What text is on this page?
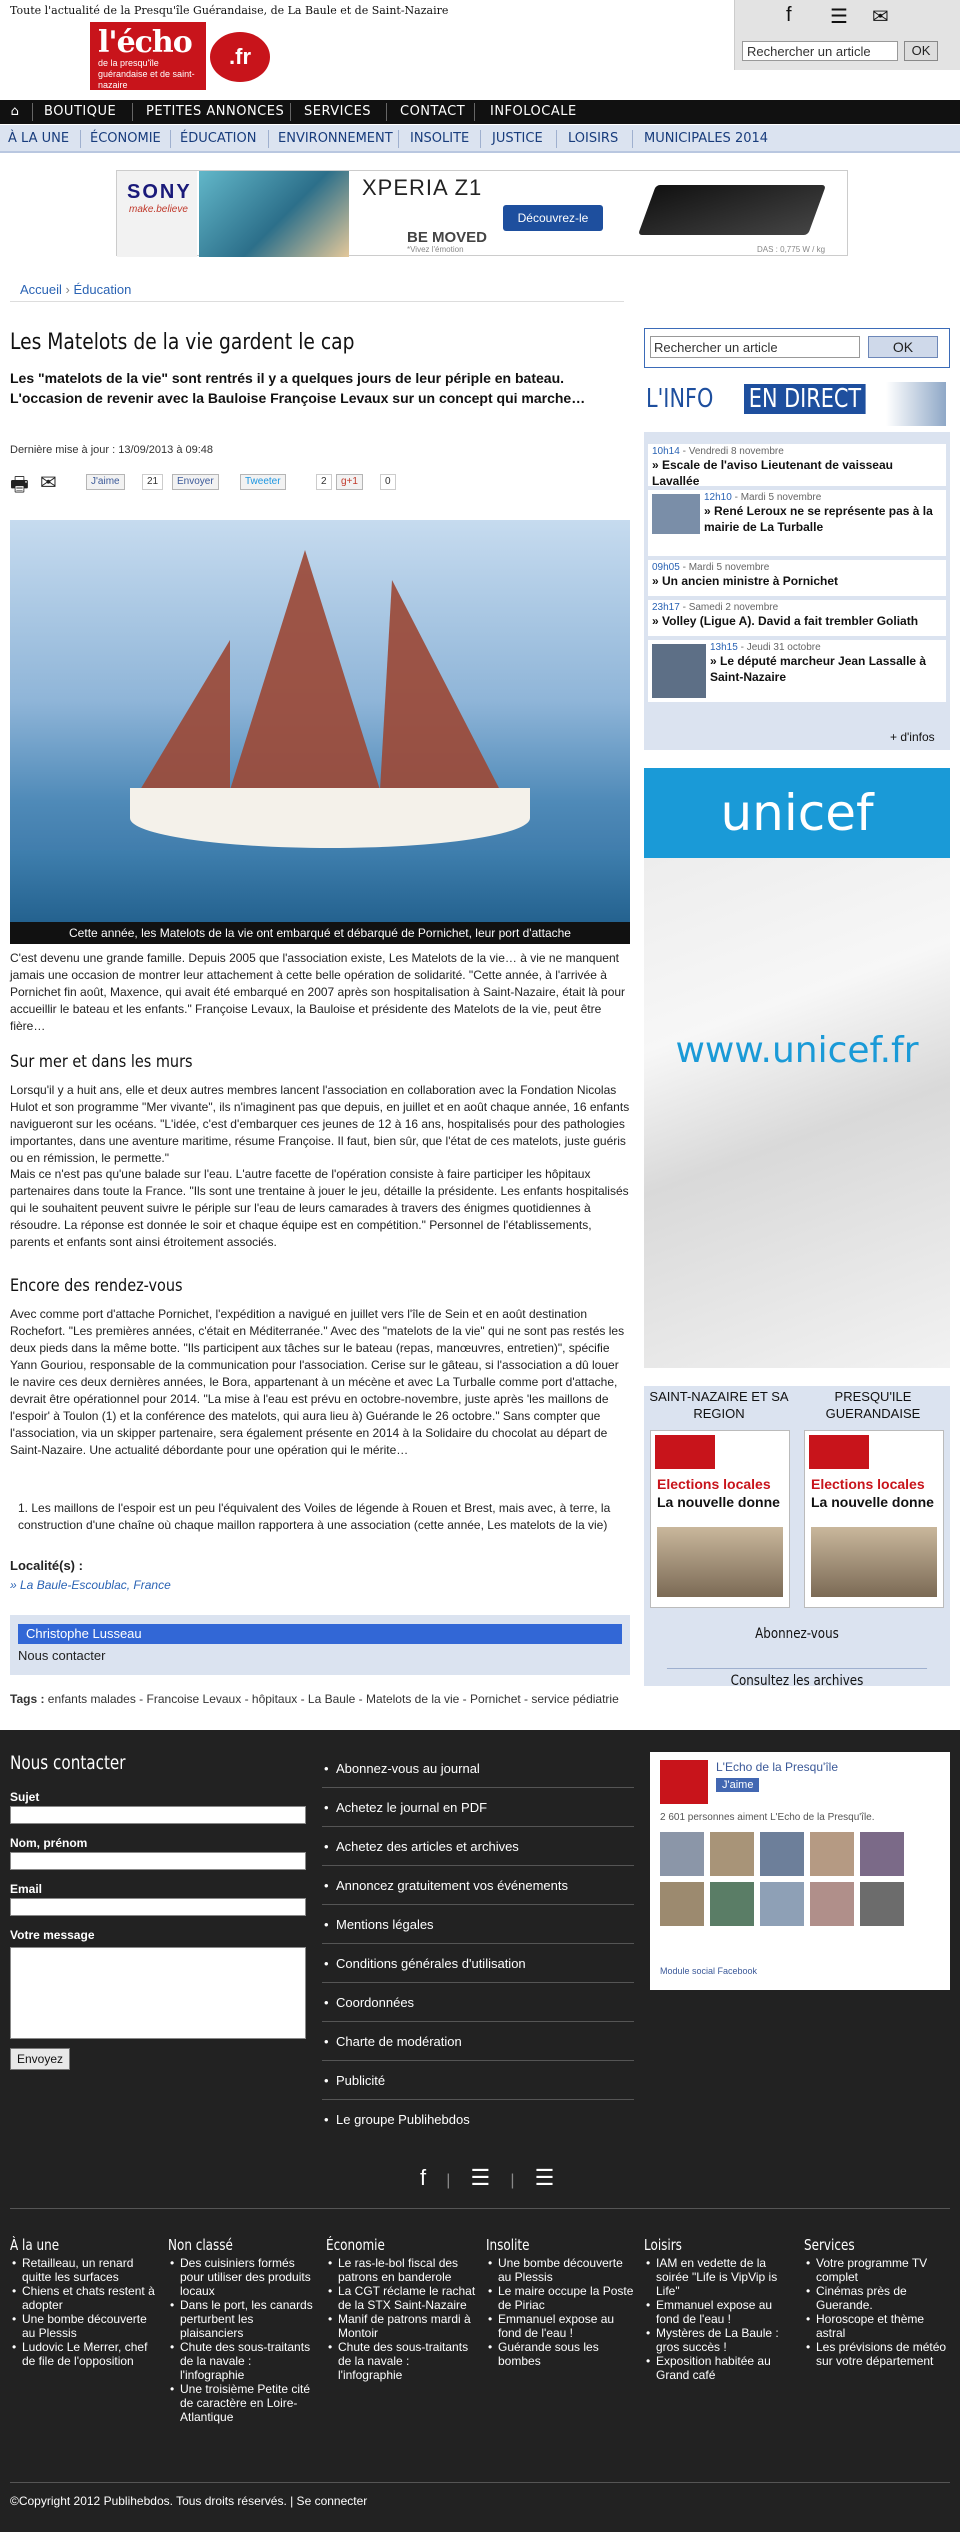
Toute l'actualité de la Presqu'île Guérandaise, de La Baule et de Saint-Nazaire
l'écho
de la presqu'île
guérandaise et de saint-nazaire
.fr
f ☰ ✉
Rechercher un article	OK
⌂	BOUTIQUE PETITES ANNONCES SERVICES CONTACT INFOLOCALE
À LA UNE ÉCONOMIE ÉDUCATION ENVIRONNEMENT INSOLITE JUSTICE LOISIRS MUNICIPALES 2014
SONY
make.believe
XPERIA Z1
Découvrez-le
BE MOVED
*Vivez l'émotion	DAS : 0,775 W / kg
Accueil › Éducation
Les Matelots de la vie gardent le cap
Les "matelots de la vie" sont rentrés il y a quelques jours de leur périple en bateau. L'occasion de revenir avec la Bauloise Françoise Levaux sur un concept qui marche…
Dernière mise à jour : 13/09/2013 à 09:48
🖶 ✉	J'aime	21	Envoyer	Tweeter	2	g+1	0
Cette année, les Matelots de la vie ont embarqué et débarqué de Pornichet, leur port d'attache
C'est devenu une grande famille. Depuis 2005 que l'association existe, Les Matelots de la vie… à vie ne manquent jamais une occasion de montrer leur attachement à cette belle opération de solidarité. "Cette année, à l'arrivée à Pornichet fin août, Maxence, qui avait été embarqué en 2007 après son hospitalisation à Saint-Nazaire, était là pour accueillir le bateau et les enfants." Françoise Levaux, la Bauloise et présidente des Matelots de la vie, peut être fière…
Sur mer et dans les murs
Lorsqu'il y a huit ans, elle et deux autres membres lancent l'association en collaboration avec la Fondation Nicolas Hulot et son programme "Mer vivante", ils n'imaginent pas que depuis, en juillet et en août chaque année, 16 enfants navigueront sur les océans. "L'idée, c'est d'embarquer ces jeunes de 12 à 16 ans, hospitalisés pour des pathologies importantes, dans une aventure maritime, résume Françoise. Il faut, bien sûr, que l'état de ces matelots, juste guéris ou en rémission, le permette."
Mais ce n'est pas qu'une balade sur l'eau. L'autre facette de l'opération consiste à faire participer les hôpitaux partenaires dans toute la France. "Ils sont une trentaine à jouer le jeu, détaille la présidente. Les enfants hospitalisés qui le souhaitent peuvent suivre le périple sur l'eau de leurs camarades à travers des énigmes quotidiennes à résoudre. La réponse est donnée le soir et chaque équipe est en compétition." Personnel de l'établissements, parents et enfants sont ainsi étroitement associés.
Encore des rendez-vous
Avec comme port d'attache Pornichet, l'expédition a navigué en juillet vers l'île de Sein et en août destination Rochefort. "Les premières années, c'était en Méditerranée." Avec des "matelots de la vie" qui ne sont pas restés les deux pieds dans la même botte. "Ils participent aux tâches sur le bateau (repas, manœuvres, entretien)", spécifie Yann Gouriou, responsable de la communication pour l'association. Cerise sur le gâteau, si l'association a dû louer le navire ces deux dernières années, le Bora, appartenant à un mécène et avec La Turballe comme port d'attache, devrait être opérationnel pour 2014. "La mise à l'eau est prévu en octobre-novembre, juste après 'les maillons de l'espoir' à Toulon (1) et la conférence des matelots, qui aura lieu à) Guérande le 26 octobre." Sans compter que l'association, via un skipper partenaire, sera également présente en 2014 à la Solidaire du chocolat au départ de Saint-Nazaire. Une actualité débordante pour une opération qui le mérite…
1. Les maillons de l'espoir est un peu l'équivalent des Voiles de légende à Rouen et Brest, mais avec, à terre, la construction d'une chaîne où chaque maillon rapportera à une association (cette année, Les matelots de la vie)
Localité(s) :
» La Baule-Escoublac, France
Christophe Lusseau
Nous contacter
Tags : enfants malades - Francoise Levaux - hôpitaux - La Baule - Matelots de la vie - Pornichet - service pédiatrie
Rechercher un article	OK
L'INFO EN DIRECT
10h14 - Vendredi 8 novembre
» Escale de l'aviso Lieutenant de vaisseau Lavallée
12h10 - Mardi 5 novembre
» René Leroux ne se représente pas à la mairie de La Turballe
09h05 - Mardi 5 novembre
» Un ancien ministre à Pornichet
23h17 - Samedi 2 novembre
» Volley (Ligue A). David a fait trembler Goliath
13h15 - Jeudi 31 octobre
» Le député marcheur Jean Lassalle à Saint-Nazaire
+ d'infos
unicef
www.unicef.fr
SAINT-NAZAIRE ET SA REGION
PRESQU'ILE GUERANDAISE
Elections locales
La nouvelle donne
Elections locales
La nouvelle donne
Abonnez-vous
Consultez les archives
Nous contacter
Sujet
Nom, prénom
Email
Votre message
Envoyez
• Abonnez-vous au journal
• Achetez le journal en PDF
• Achetez des articles et archives
• Annoncez gratuitement vos événements
• Mentions légales
• Conditions générales d'utilisation
• Coordonnées
• Charte de modération
• Publicité
• Le groupe Publihebdos
L'Echo de la Presqu'île
J'aime
2 601 personnes aiment L'Echo de la Presqu'île.
Module social Facebook
f | ☰ | ☰
À la une
• Retailleau, un renard quitte les surfaces
• Chiens et chats restent à adopter
• Une bombe découverte au Plessis
• Ludovic Le Merrer, chef de file de l'opposition
Non classé
• Des cuisiniers formés pour utiliser des produits locaux
• Dans le port, les canards perturbent les plaisanciers
• Chute des sous-traitants de la navale : l'infographie
• Une troisième Petite cité de caractère en Loire-Atlantique
Économie
• Le ras-le-bol fiscal des patrons en banderole
• La CGT réclame le rachat de la STX Saint-Nazaire
• Manif de patrons mardi à Montoir
• Chute des sous-traitants de la navale : l'infographie
Insolite
• Une bombe découverte au Plessis
• Le maire occupe la Poste de Piriac
• Emmanuel expose au fond de l'eau !
• Guérande sous les bombes
Loisirs
• IAM en vedette de la soirée "Life is VipVip is Life"
• Emmanuel expose au fond de l'eau !
• Mystères de La Baule : gros succès !
• Exposition habitée au Grand café
Services
• Votre programme TV complet
• Cinémas près de Guerande.
• Horoscope et thème astral
• Les prévisions de météo sur votre département
©Copyright 2012 Publihebdos. Tous droits réservés. | Se connecter
